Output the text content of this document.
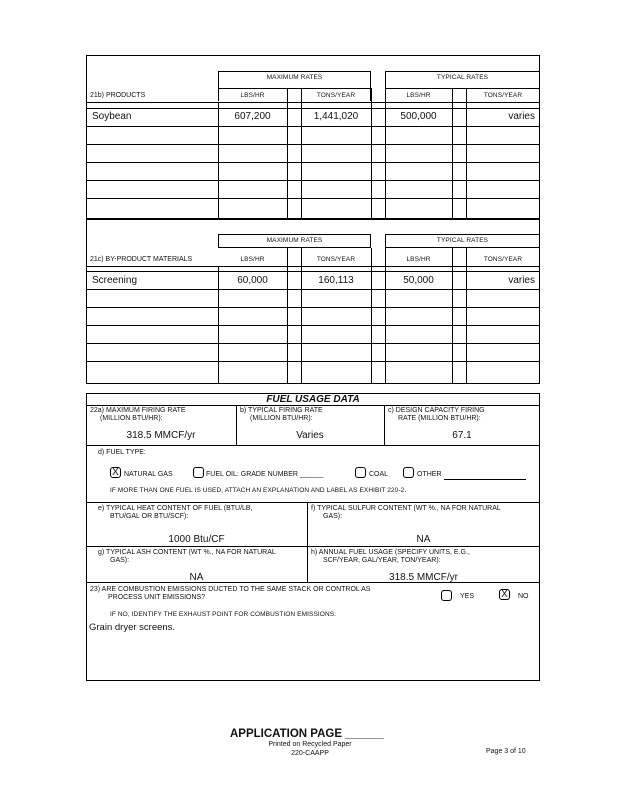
MAXIMUM RATES	TYPICAL RATES
21b) PRODUCTS	LBS/HR	TONS/YEAR	LBS/HR	TONS/YEAR
Soybean	607,200	1,441,020	500,000	varies
MAXIMUM RATES	TYPICAL RATES
21c) BY-PRODUCT MATERIALS	LBS/HR	TONS/YEAR	LBS/HR	TONS/YEAR
Screening	60,000	160,113	50,000	varies
FUEL USAGE DATA
22a) MAXIMUM FIRING RATE
(MILLION BTU/HR):
318.5 MMCF/yr
b) TYPICAL FIRING RATE
(MILLION BTU/HR):
Varies
c) DESIGN CAPACITY FIRING
RATE (MILLION BTU/HR):
67.1
d) FUEL TYPE:
X NATURAL GAS	FUEL OIL: GRADE NUMBER ______	COAL	OTHER
IF MORE THAN ONE FUEL IS USED, ATTACH AN EXPLANATION AND LABEL AS EXHIBIT 220-2.
e) TYPICAL HEAT CONTENT OF FUEL (BTU/LB,
BTU/GAL OR BTU/SCF):
1000 Btu/CF
f) TYPICAL SULFUR CONTENT (WT %., NA FOR NATURAL
GAS):
NA
g) TYPICAL ASH CONTENT (WT %., NA FOR NATURAL
GAS):
NA
h) ANNUAL FUEL USAGE (SPECIFY UNITS, E.G.,
SCF/YEAR, GAL/YEAR, TON/YEAR):
318.5 MMCF/yr
23) ARE COMBUSTION EMISSIONS DUCTED TO THE SAME STACK OR CONTROL AS
PROCESS UNIT EMISSIONS?	YES	X	NO
IF NO, IDENTIFY THE EXHAUST POINT FOR COMBUSTION EMISSIONS:
Grain dryer screens.
APPLICATION PAGE ______
Printed on Recycled Paper
220-CAAPP	Page 3 of 10
